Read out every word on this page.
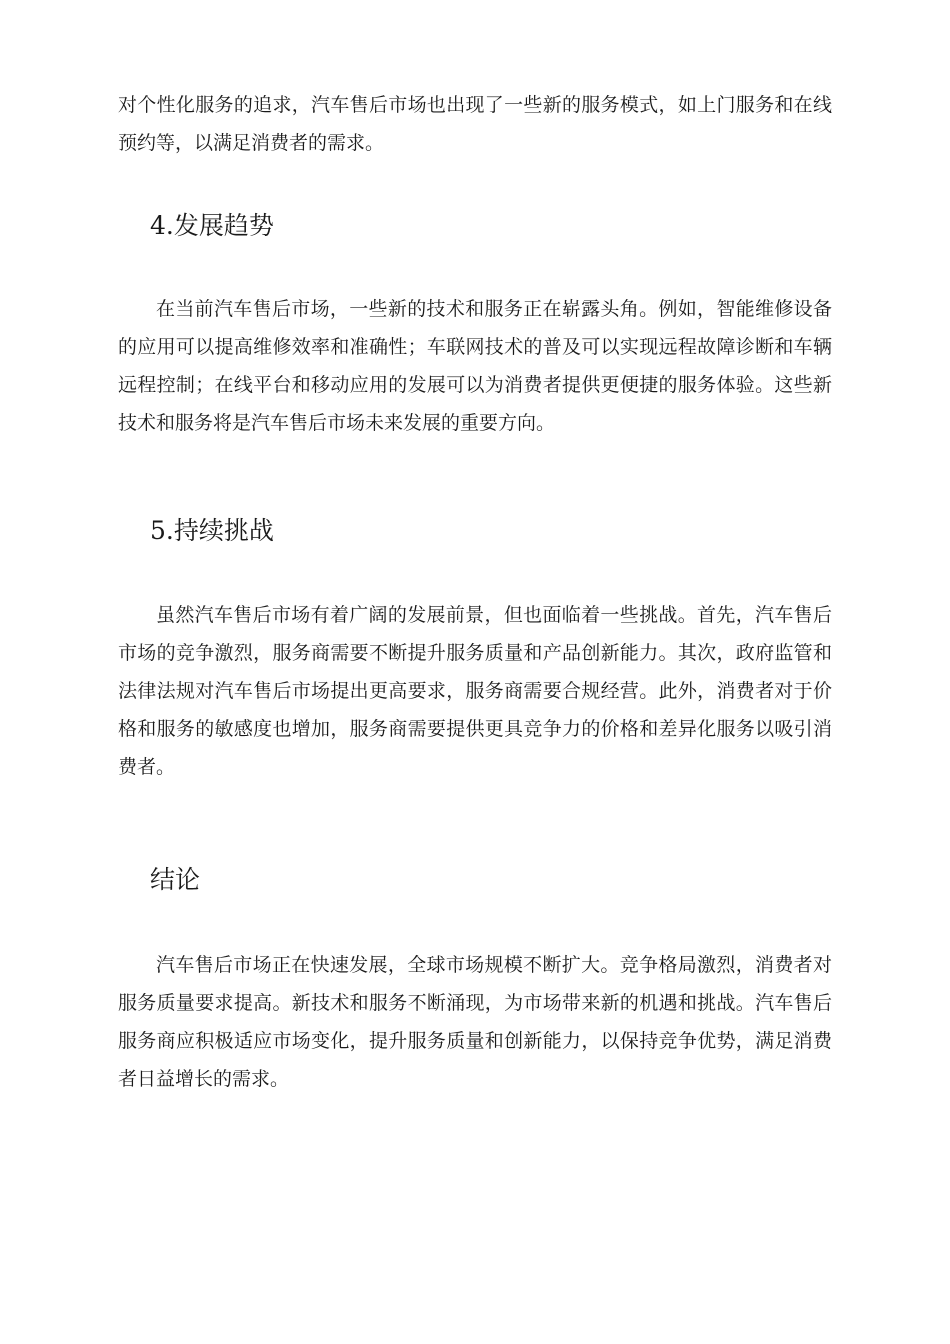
对个性化服务的追求，汽车售后市场也出现了一些新的服务模式，如上门服务和在线预约等，以满足消费者的需求。

4.发展趋势

在当前汽车售后市场，一些新的技术和服务正在崭露头角。例如，智能维修设备的应用可以提高维修效率和准确性；车联网技术的普及可以实现远程故障诊断和车辆远程控制；在线平台和移动应用的发展可以为消费者提供更便捷的服务体验。这些新技术和服务将是汽车售后市场未来发展的重要方向。

5.持续挑战

虽然汽车售后市场有着广阔的发展前景，但也面临着一些挑战。首先，汽车售后市场的竞争激烈，服务商需要不断提升服务质量和产品创新能力。其次，政府监管和法律法规对汽车售后市场提出更高要求，服务商需要合规经营。此外，消费者对于价格和服务的敏感度也增加，服务商需要提供更具竞争力的价格和差异化服务以吸引消费者。

结论

汽车售后市场正在快速发展，全球市场规模不断扩大。竞争格局激烈，消费者对服务质量要求提高。新技术和服务不断涌现，为市场带来新的机遇和挑战。汽车售后服务商应积极适应市场变化，提升服务质量和创新能力，以保持竞争优势，满足消费者日益增长的需求。
